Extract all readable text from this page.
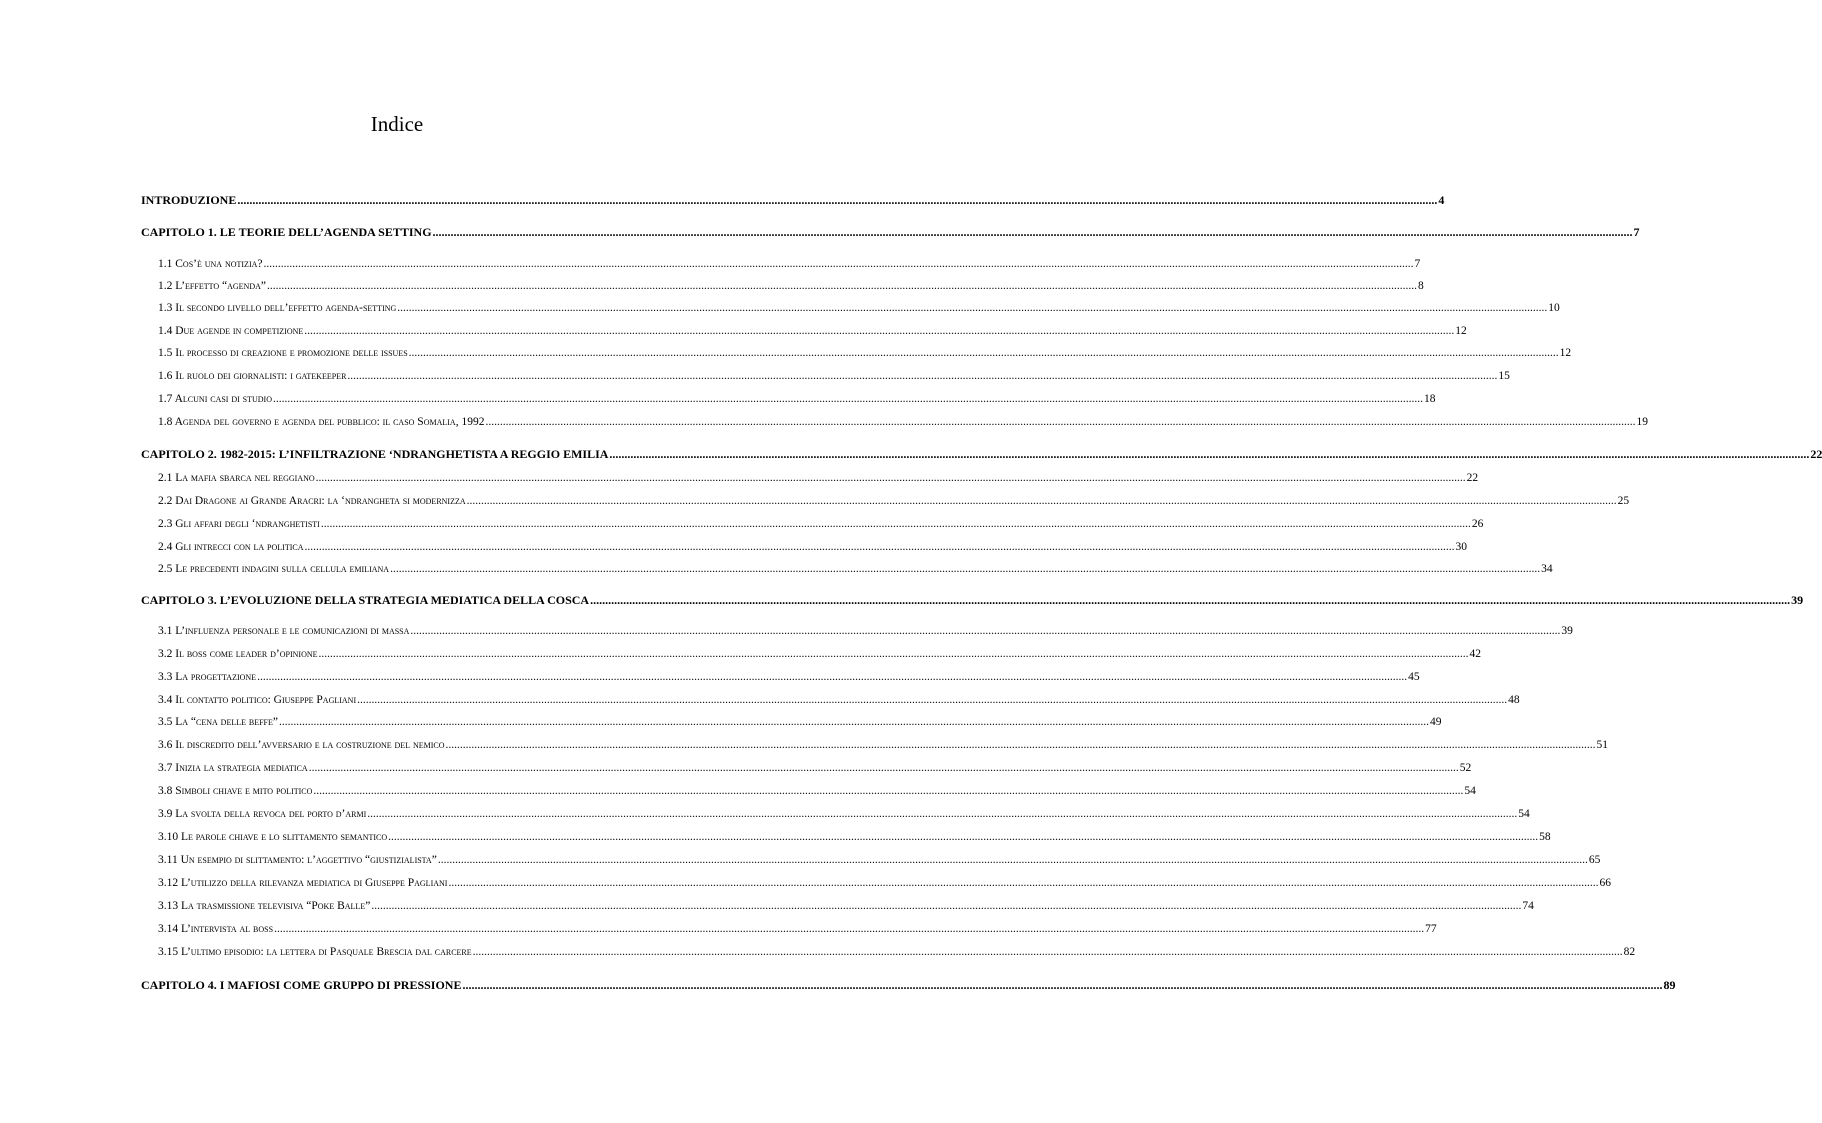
Indice
INTRODUZIONE ................................................................................................................................................................................................................................................................................................................................................................................................................ 4
CAPITOLO 1. LE TEORIE DELL’AGENDA SETTING ................................................................................................................................................................................................................................................................................................................................................................................................................ 7
1.1 Cos’è una notizia? ................................................................................................................................................................................................................................................................................................................................................................................................................ 7
1.2 L’effetto “agenda” ................................................................................................................................................................................................................................................................................................................................................................................................................ 8
1.3 Il secondo livello dell’effetto agenda-setting ................................................................................................................................................................................................................................................................................................................................................................................................................ 10
1.4 Due agende in competizione ................................................................................................................................................................................................................................................................................................................................................................................................................ 12
1.5 Il processo di creazione e promozione delle issues ................................................................................................................................................................................................................................................................................................................................................................................................................ 12
1.6 Il ruolo dei giornalisti: i gatekeeper ................................................................................................................................................................................................................................................................................................................................................................................................................ 15
1.7 Alcuni casi di studio ................................................................................................................................................................................................................................................................................................................................................................................................................ 18
1.8 Agenda del governo e agenda del pubblico: il caso Somalia, 1992 ................................................................................................................................................................................................................................................................................................................................................................................................................ 19
CAPITOLO 2. 1982-2015: L’INFILTRAZIONE ‘NDRANGHETISTA A REGGIO EMILIA ................................................................................................................................................................................................................................................................................................................................................................................................................ 22
2.1 La mafia sbarca nel reggiano ................................................................................................................................................................................................................................................................................................................................................................................................................ 22
2.2 Dai Dragone ai Grande Aracri: la ‘ndrangheta si modernizza ................................................................................................................................................................................................................................................................................................................................................................................................................ 25
2.3 Gli affari degli ‘ndranghetisti ................................................................................................................................................................................................................................................................................................................................................................................................................ 26
2.4 Gli intrecci con la politica ................................................................................................................................................................................................................................................................................................................................................................................................................ 30
2.5 Le precedenti indagini sulla cellula emiliana ................................................................................................................................................................................................................................................................................................................................................................................................................ 34
CAPITOLO 3. L’EVOLUZIONE DELLA STRATEGIA MEDIATICA DELLA COSCA ................................................................................................................................................................................................................................................................................................................................................................................................................ 39
3.1 L’influenza personale e le comunicazioni di massa ................................................................................................................................................................................................................................................................................................................................................................................................................ 39
3.2 Il boss come leader d’opinione ................................................................................................................................................................................................................................................................................................................................................................................................................ 42
3.3 La progettazione ................................................................................................................................................................................................................................................................................................................................................................................................................ 45
3.4 Il contatto politico: Giuseppe Pagliani ................................................................................................................................................................................................................................................................................................................................................................................................................ 48
3.5 La “cena delle beffe” ................................................................................................................................................................................................................................................................................................................................................................................................................ 49
3.6 Il discredito dell’avversario e la costruzione del nemico ................................................................................................................................................................................................................................................................................................................................................................................................................ 51
3.7 Inizia la strategia mediatica ................................................................................................................................................................................................................................................................................................................................................................................................................ 52
3.8 Simboli chiave e mito politico ................................................................................................................................................................................................................................................................................................................................................................................................................ 54
3.9 La svolta della revoca del porto d’armi ................................................................................................................................................................................................................................................................................................................................................................................................................ 54
3.10 Le parole chiave e lo slittamento semantico ................................................................................................................................................................................................................................................................................................................................................................................................................ 58
3.11 Un esempio di slittamento: l’aggettivo “giustizialista” ................................................................................................................................................................................................................................................................................................................................................................................................................ 65
3.12 L’utilizzo della rilevanza mediatica di Giuseppe Pagliani ................................................................................................................................................................................................................................................................................................................................................................................................................ 66
3.13 La trasmissione televisiva “Poke Balle” ................................................................................................................................................................................................................................................................................................................................................................................................................ 74
3.14 L’intervista al boss ................................................................................................................................................................................................................................................................................................................................................................................................................ 77
3.15 L’ultimo episodio: la lettera di Pasquale Brescia dal carcere ................................................................................................................................................................................................................................................................................................................................................................................................................ 82
CAPITOLO 4. I MAFIOSI COME GRUPPO DI PRESSIONE ................................................................................................................................................................................................................................................................................................................................................................................................................ 89
